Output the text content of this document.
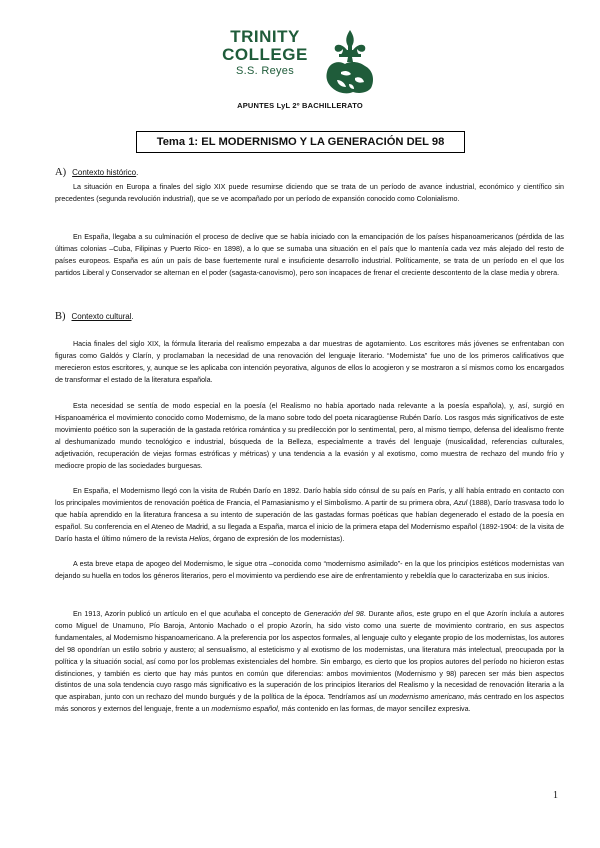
TRINITY
COLLEGE
S.S. Reyes
APUNTES LyL 2º BACHILLERATO
Tema 1: EL MODERNISMO Y LA GENERACIÓN DEL 98
A) Contexto histórico.

La situación en Europa a finales del siglo XIX puede resumirse diciendo que se trata de un período de avance industrial, económico y científico sin precedentes (segunda revolución industrial), que se ve acompañado por un período de expansión conocido como Colonialismo.

En España, llegaba a su culminación el proceso de declive que se había iniciado con la emancipación de los países hispanoamericanos (pérdida de las últimas colonias –Cuba, Filipinas y Puerto Rico- en 1898), a lo que se sumaba una situación en el país que lo mantenía cada vez más alejado del resto de países europeos. España es aún un país de base fuertemente rural e insuficiente desarrollo industrial. Políticamente, se trata de un período en el que los partidos Liberal y Conservador se alternan en el poder (sagasta-canovismo), pero son incapaces de frenar el creciente descontento de la clase media y obrera.

B) Contexto cultural.

Hacia finales del siglo XIX, la fórmula literaria del realismo empezaba a dar muestras de agotamiento. Los escritores más jóvenes se enfrentaban con figuras como Galdós y Clarín, y proclamaban la necesidad de una renovación del lenguaje literario. “Modernista” fue uno de los primeros calificativos que merecieron estos escritores, y, aunque se les aplicaba con intención peyorativa, algunos de ellos lo acogieron y se mostraron a sí mismos como los encargados de transformar el estado de la literatura española.

Esta necesidad se sentía de modo especial en la poesía (el Realismo no había aportado nada relevante a la poesía española), y, así, surgió en Hispanoamérica el movimiento conocido como Modernismo, de la mano sobre todo del poeta nicaragüense Rubén Darío. Los rasgos más significativos de este movimiento poético son la superación de la gastada retórica romántica y su predilección por lo sentimental, pero, al mismo tiempo, defensa del idealismo frente al deshumanizado mundo tecnológico e industrial, búsqueda de la Belleza, especialmente a través del lenguaje (musicalidad, referencias culturales, adjetivación, recuperación de viejas formas estróficas y métricas) y una tendencia a la evasión y al exotismo, como muestra de rechazo del mundo frío y mediocre propio de las sociedades burguesas.

En España, el Modernismo llegó con la visita de Rubén Darío en 1892. Darío había sido cónsul de su país en París, y allí había entrado en contacto con los principales movimientos de renovación poética de Francia, el Parnasianismo y el Simbolismo. A partir de su primera obra, Azul (1888), Darío trasvasa todo lo que había aprendido en la literatura francesa a su intento de superación de las gastadas formas poéticas que habían degenerado el estado de la poesía en español. Su conferencia en el Ateneo de Madrid, a su llegada a España, marca el inicio de la primera etapa del Modernismo español (1892-1904: de la visita de Darío hasta el último número de la revista Helios, órgano de expresión de los modernistas).

A esta breve etapa de apogeo del Modernismo, le sigue otra –conocida como “modernismo asimilado”- en la que los principios estéticos modernistas van dejando su huella en todos los géneros literarios, pero el movimiento va perdiendo ese aire de enfrentamiento y rebeldía que lo caracterizaba en sus inicios.

En 1913, Azorín publicó un artículo en el que acuñaba el concepto de Generación del 98. Durante años, este grupo en el que Azorín incluía a autores como Miguel de Unamuno, Pío Baroja, Antonio Machado o el propio Azorín, ha sido visto como una suerte de movimiento contrario, en sus aspectos fundamentales, al Modernismo hispanoamericano. A la preferencia por los aspectos formales, al lenguaje culto y elegante propio de los modernistas, los autores del 98 opondrían un estilo sobrio y austero; al sensualismo, al esteticismo y al exotismo de los modernistas, una literatura más intelectual, preocupada por la política y la situación social, así como por los problemas existenciales del hombre. Sin embargo, es cierto que los propios autores del período no hicieron estas distinciones, y también es cierto que hay más puntos en común que diferencias: ambos movimientos (Modernismo y 98) parecen ser más bien aspectos distintos de una sola tendencia cuyo rasgo más significativo es la superación de los principios literarios del Realismo y la necesidad de renovación literaria a la que aspiraban, junto con un rechazo del mundo burgués y de la política de la época. Tendríamos así un modernismo americano, más centrado en los aspectos más sonoros y externos del lenguaje, frente a un modernismo español, más contenido en las formas, de mayor sencillez expresiva.

1
